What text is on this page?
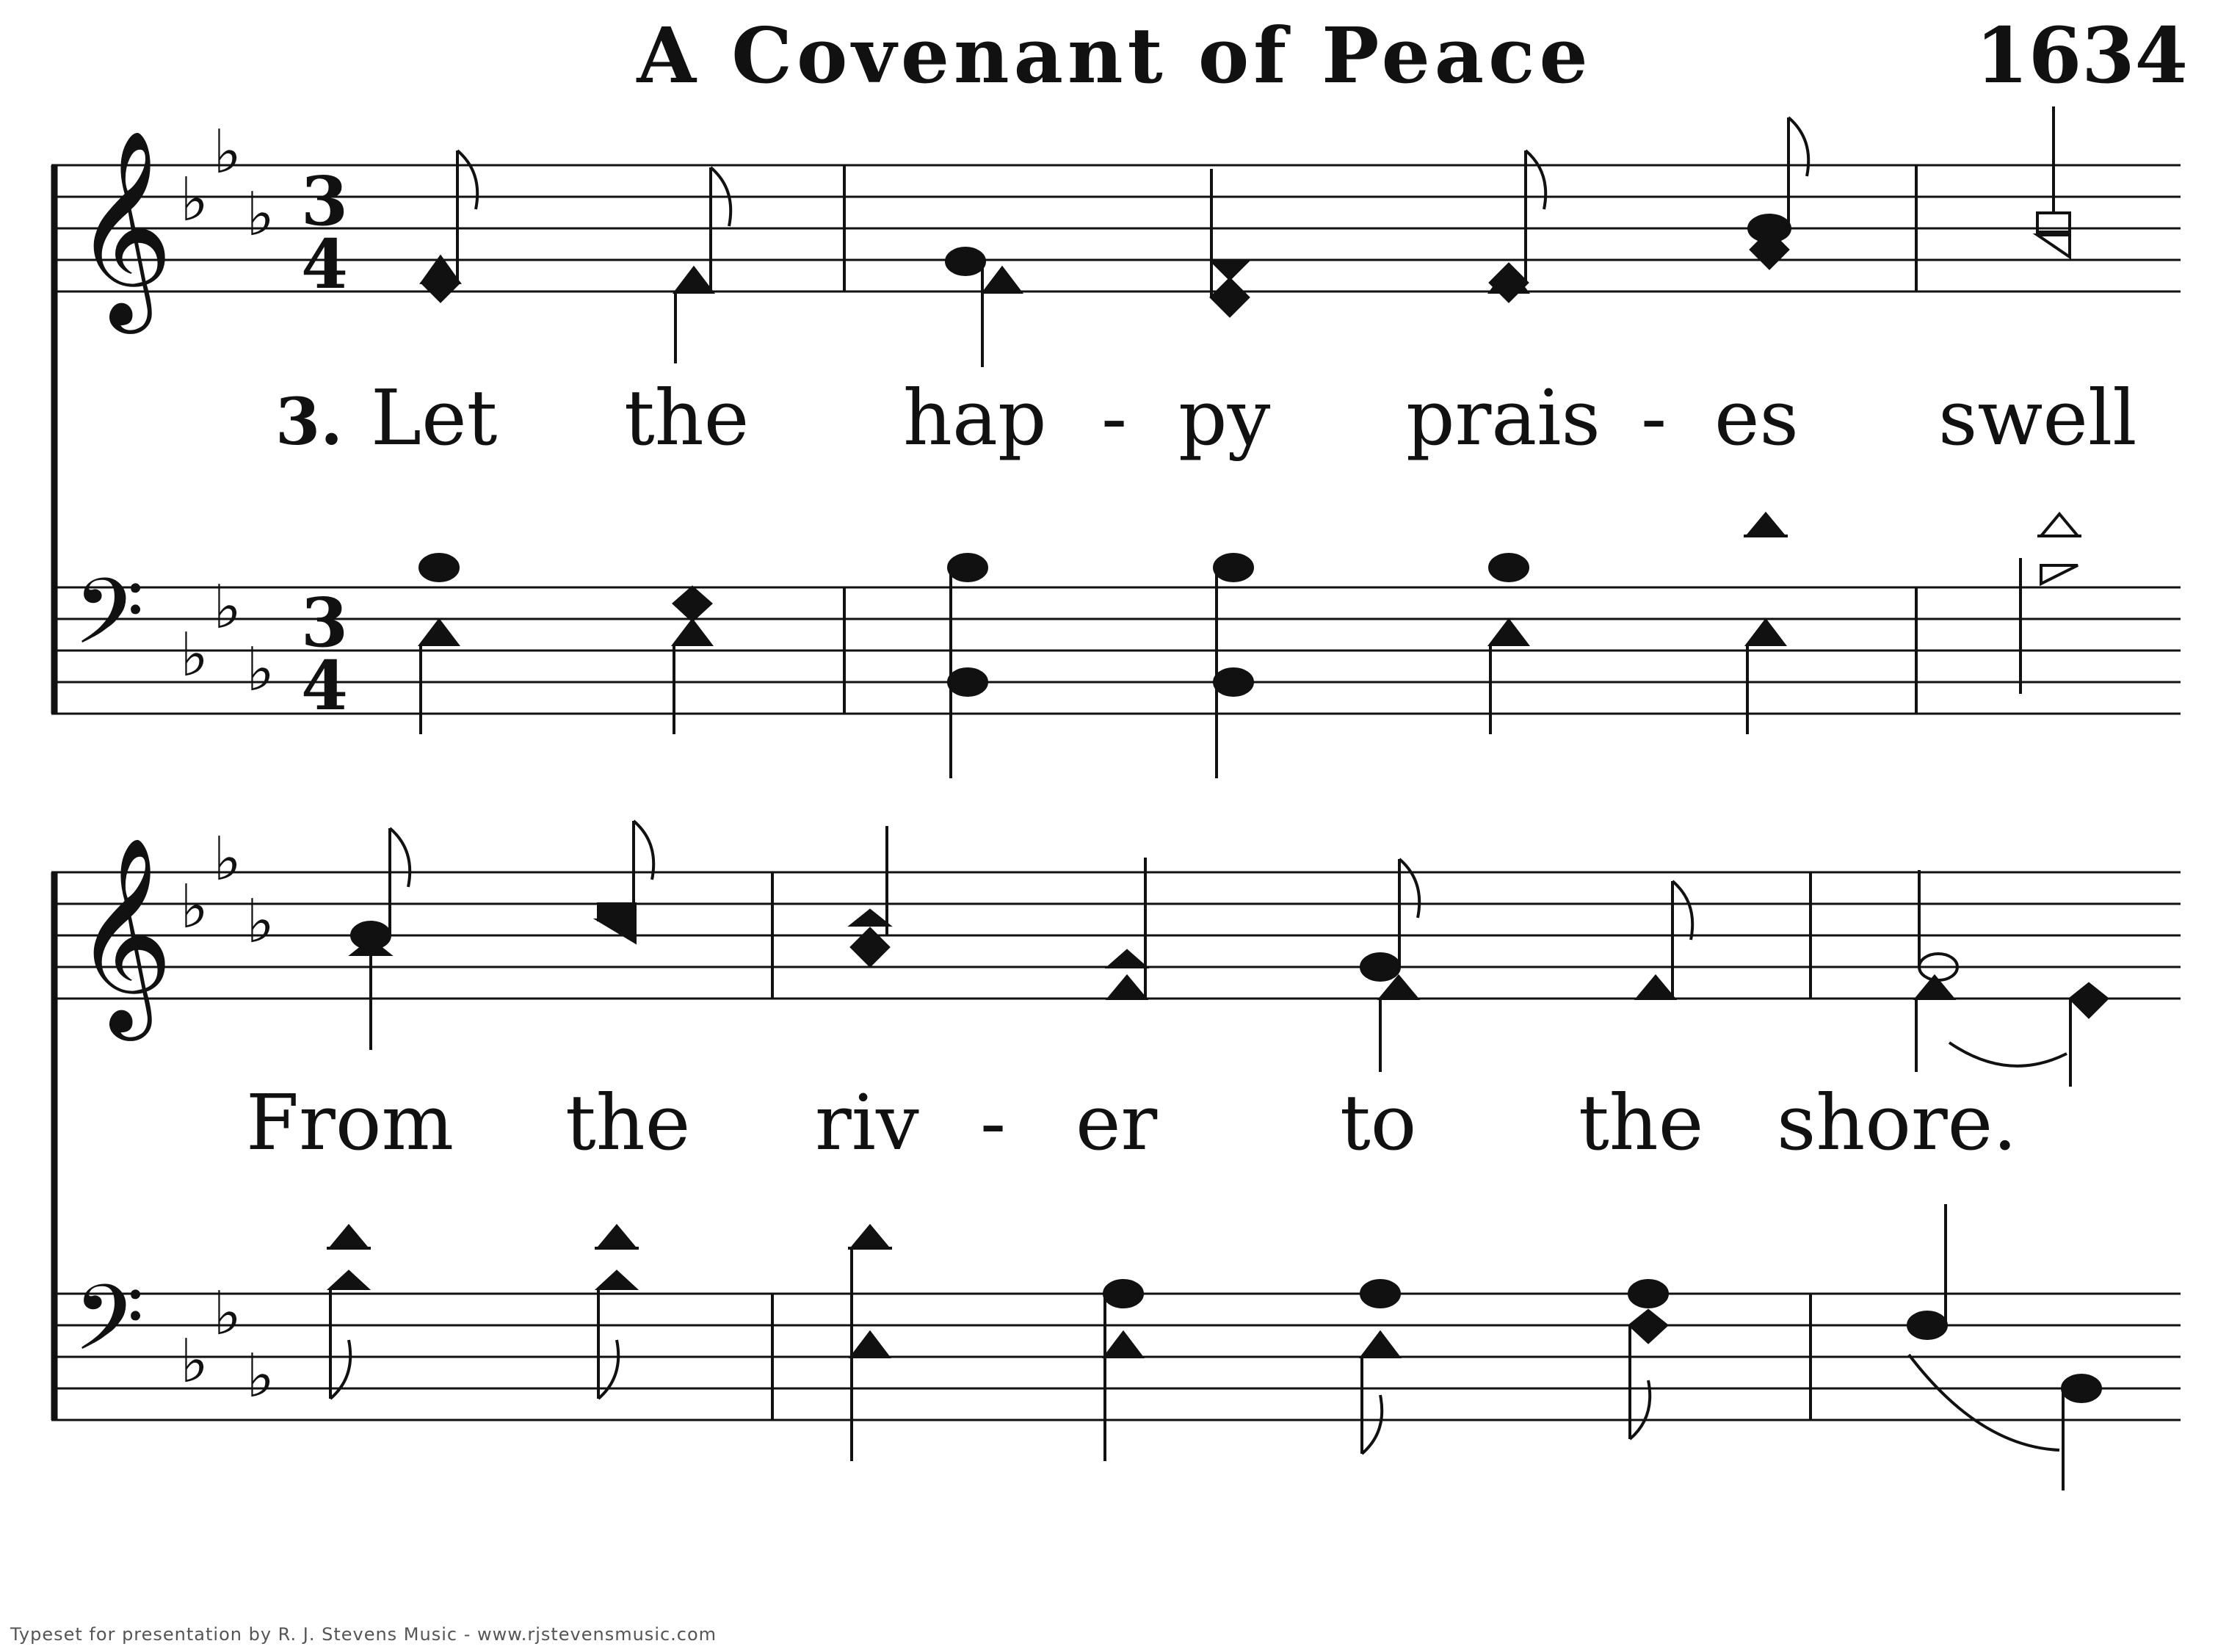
A Covenant of Peace	1634
𝄞
𝄢
𝄞
𝄢
♭
♭
♭
♭
♭
♭
♭
♭
♭
♭
♭
♭
3
4
3
4
3. Let the hap - py prais - es swell
From the riv - er to the shore.
Typeset for presentation by R. J. Stevens Music - www.rjstevensmusic.com
